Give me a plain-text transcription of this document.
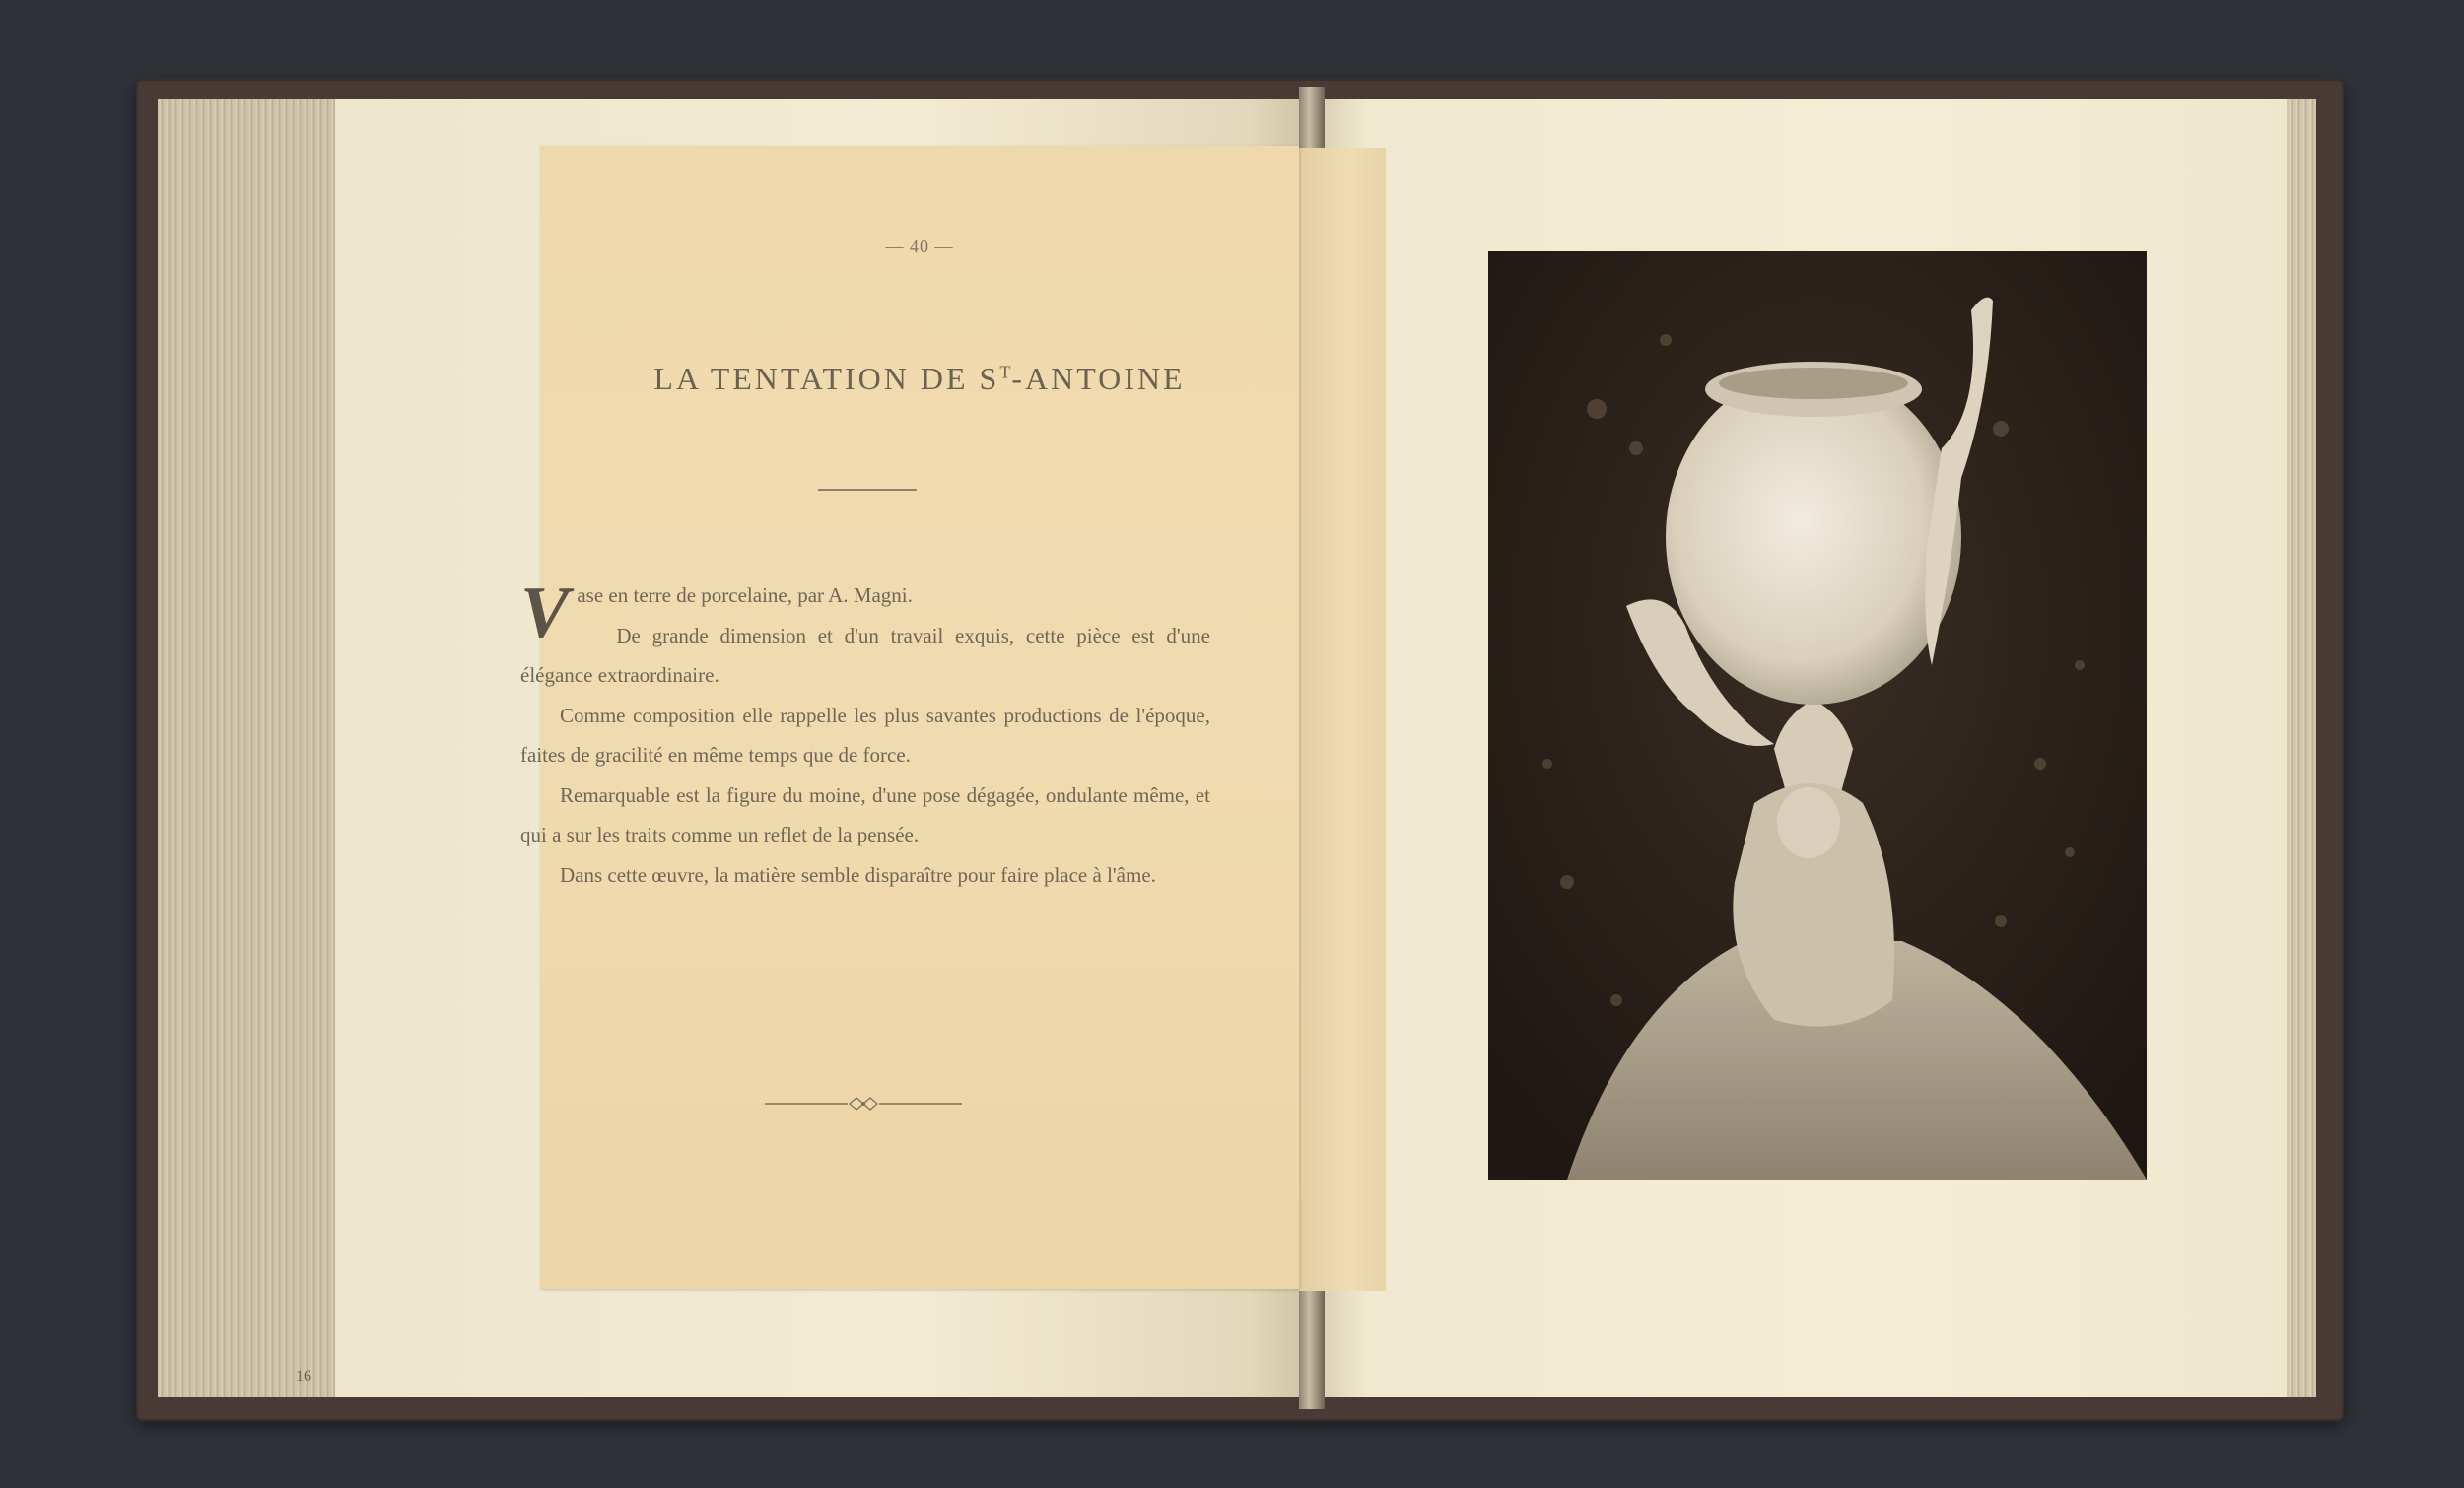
16
— 40 —
LA TENTATION DE $S^T$-ANTOINE

Vase en terre de porcelaine, par A. Magni.

De grande dimension et d'un travail exquis, cette pièce est d'une élégance extraordinaire.

Comme composition elle rappelle les plus savantes productions de l'époque, faites de gracilité en même temps que de force.

Remarquable est la figure du moine, d'une pose dégagée, ondulante même, et qui a sur les traits comme un reflet de la pensée.

Dans cette œuvre, la matière semble disparaître pour faire place à l'âme.
